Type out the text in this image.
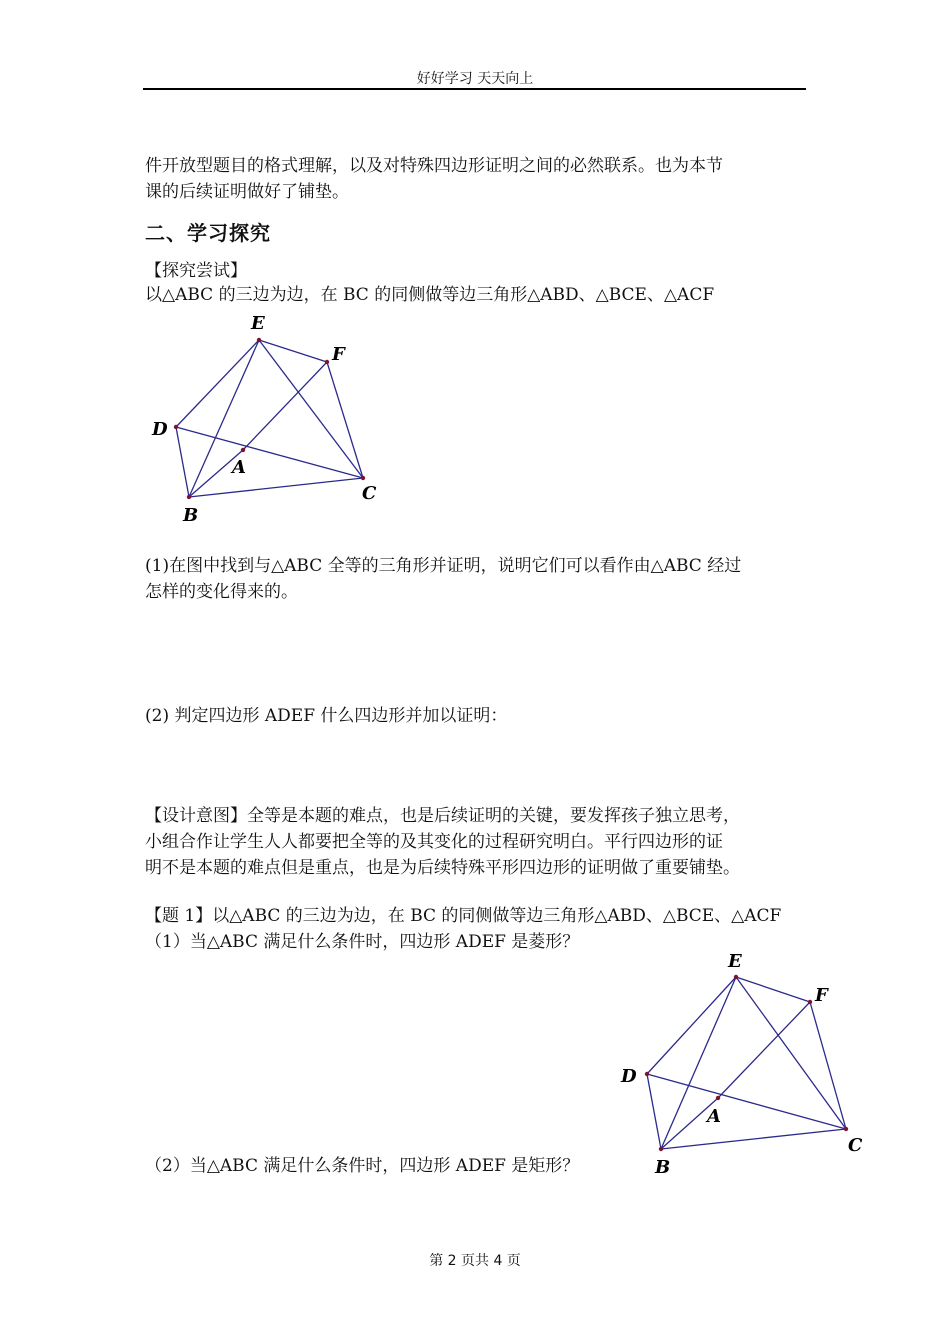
好好学习 天天向上
件开放型题目的格式理解，以及对特殊四边形证明之间的必然联系。也为本节
课的后续证明做好了铺垫。
二、学习探究
【探究尝试】
以△ABC 的三边为边，在 BC 的同侧做等边三角形△ABD、△BCE、△ACF
E
F
D
A
B
C
(1)在图中找到与△ABC 全等的三角形并证明，说明它们可以看作由△ABC 经过
怎样的变化得来的。
(2) 判定四边形 ADEF 什么四边形并加以证明：
【设计意图】全等是本题的难点，也是后续证明的关键，要发挥孩子独立思考，
小组合作让学生人人都要把全等的及其变化的过程研究明白。平行四边形的证
明不是本题的难点但是重点，也是为后续特殊平形四边形的证明做了重要铺垫。
【题 1】以△ABC 的三边为边，在 BC 的同侧做等边三角形△ABD、△BCE、△ACF
（1）当△ABC 满足什么条件时，四边形 ADEF 是菱形？
E
F
D
A
B
C
（2）当△ABC 满足什么条件时，四边形 ADEF 是矩形？
第 2 页共 4 页
